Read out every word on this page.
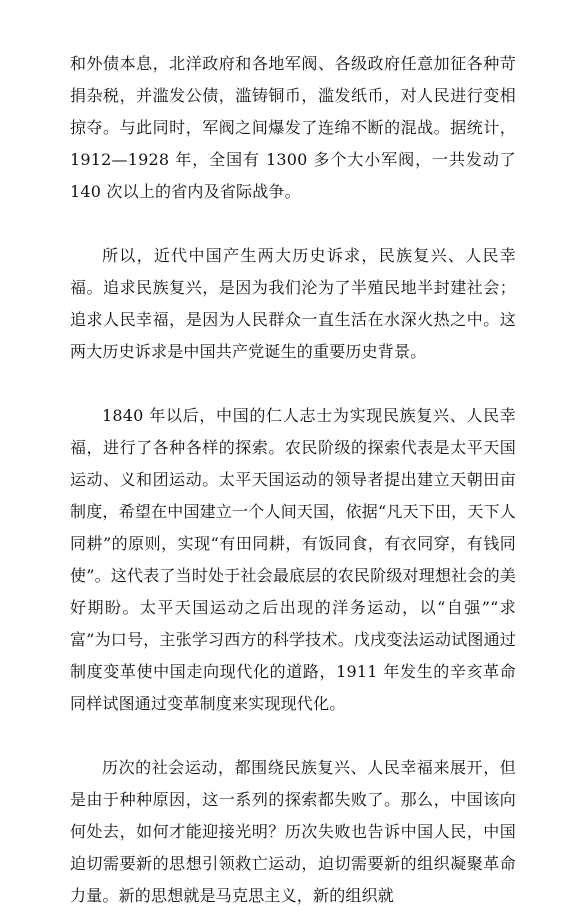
和外债本息，北洋政府和各地军阀、各级政府任意加征各种苛捐杂税，并滥发公债，滥铸铜币，滥发纸币，对人民进行变相掠夺。与此同时，军阀之间爆发了连绵不断的混战。据统计，1912—1928 年，全国有 1300 多个大小军阀，一共发动了 140 次以上的省内及省际战争。

所以，近代中国产生两大历史诉求，民族复兴、人民幸福。追求民族复兴，是因为我们沦为了半殖民地半封建社会；追求人民幸福，是因为人民群众一直生活在水深火热之中。这两大历史诉求是中国共产党诞生的重要历史背景。

1840 年以后，中国的仁人志士为实现民族复兴、人民幸福，进行了各种各样的探索。农民阶级的探索代表是太平天国运动、义和团运动。太平天国运动的领导者提出建立天朝田亩制度，希望在中国建立一个人间天国，依据“凡天下田，天下人同耕”的原则，实现“有田同耕，有饭同食，有衣同穿，有钱同使”。这代表了当时处于社会最底层的农民阶级对理想社会的美好期盼。太平天国运动之后出现的洋务运动，以“自强”“求富”为口号，主张学习西方的科学技术。戊戌变法运动试图通过制度变革使中国走向现代化的道路，1911 年发生的辛亥革命同样试图通过变革制度来实现现代化。

历次的社会运动，都围绕民族复兴、人民幸福来展开，但是由于种种原因，这一系列的探索都失败了。那么，中国该向何处去，如何才能迎接光明？历次失败也告诉中国人民，中国迫切需要新的思想引领救亡运动，迫切需要新的组织凝聚革命力量。新的思想就是马克思主义，新的组织就
